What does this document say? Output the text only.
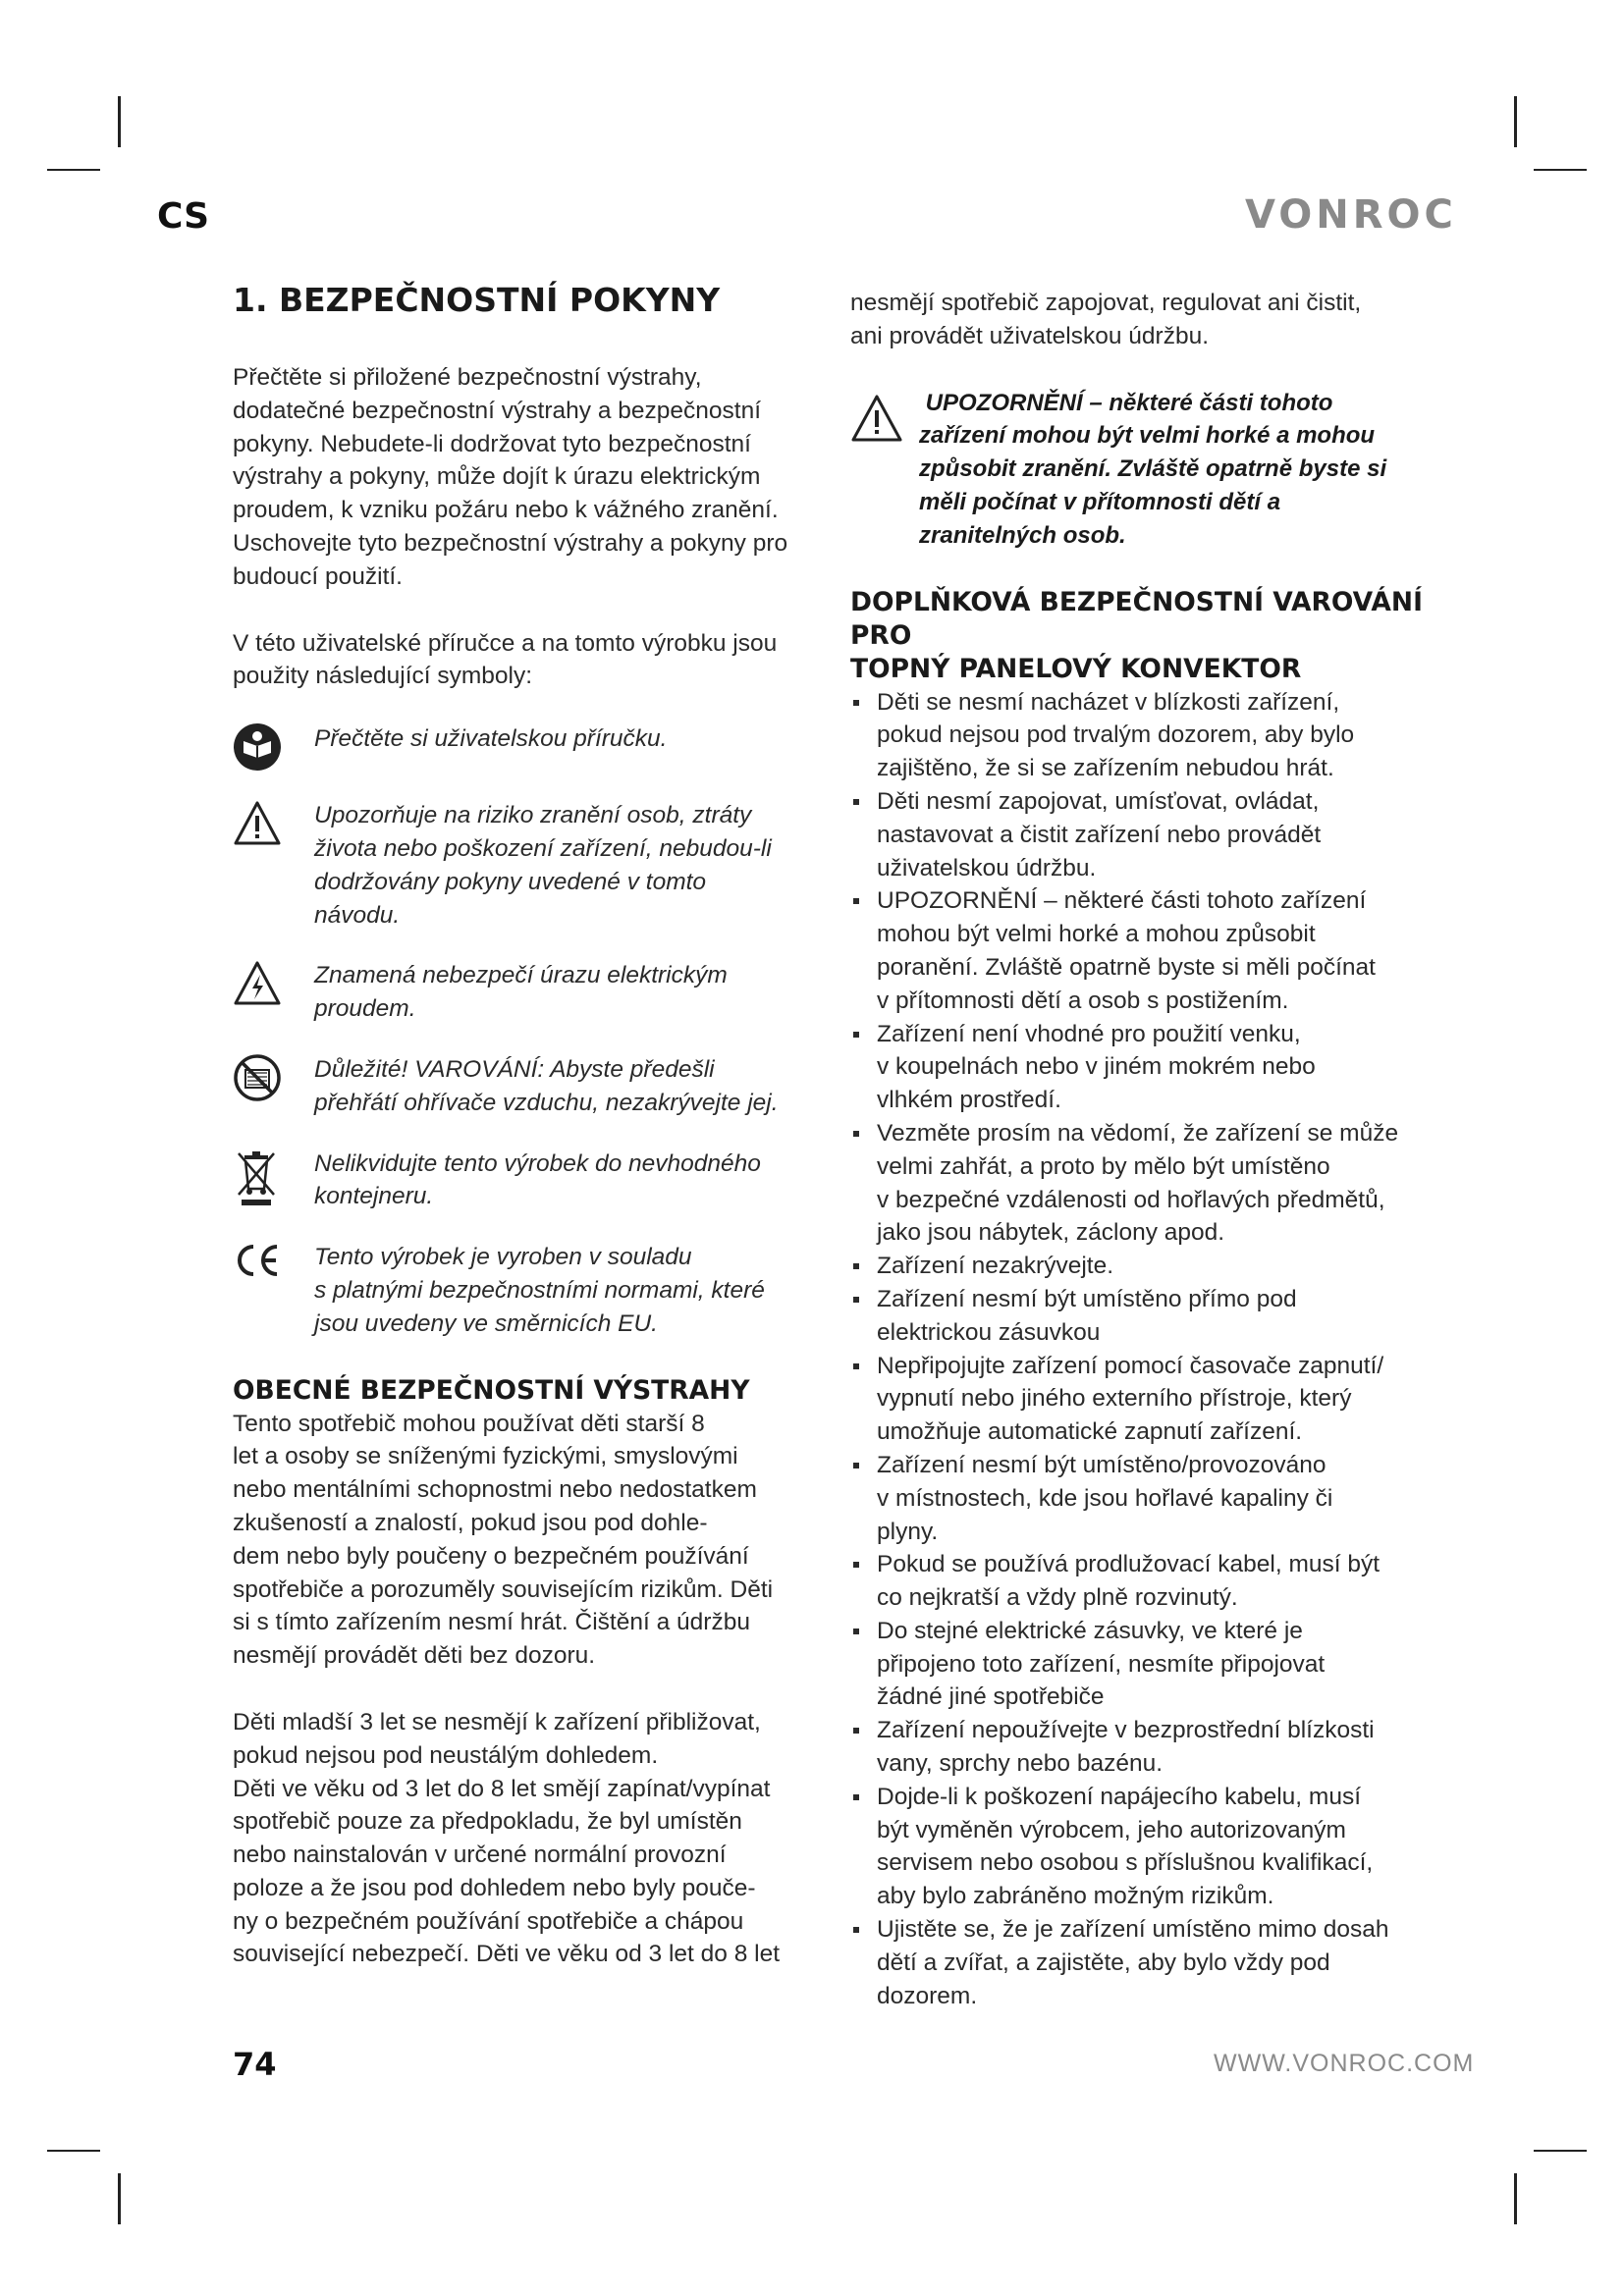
CS	VONROC

1. BEZPEČNOSTNÍ POKYNY

Přečtěte si přiložené bezpečnostní výstrahy,
dodatečné bezpečnostní výstrahy a bezpečnostní
pokyny. Nebudete-li dodržovat tyto bezpečnostní
výstrahy a pokyny, může dojít k úrazu elektrickým
proudem, k vzniku požáru nebo k vážného zranění.
Uschovejte tyto bezpečnostní výstrahy a pokyny pro
budoucí použití.

V této uživatelské příručce a na tomto výrobku jsou
použity následující symboly:

Přečtěte si uživatelskou příručku.
Upozorňuje na riziko zranění osob, ztráty
života nebo poškození zařízení, nebudou-li
dodržovány pokyny uvedené v tomto
návodu.
Znamená nebezpečí úrazu elektrickým
proudem.
Důležité! VAROVÁNÍ: Abyste předešli
přehřátí ohřívače vzduchu, nezakrývejte jej.
Nelikvidujte tento výrobek do nevhodného
kontejneru.
Tento výrobek je vyroben v souladu
s platnými bezpečnostními normami, které
jsou uvedeny ve směrnicích EU.
OBECNÉ BEZPEČNOSTNÍ VÝSTRAHY

Tento spotřebič mohou používat děti starší 8
let a osoby se sníženými fyzickými, smyslovými
nebo mentálními schopnostmi nebo nedostatkem
zkušeností a znalostí, pokud jsou pod dohle-
dem nebo byly poučeny o bezpečném používání
spotřebiče a porozuměly souvisejícím rizikům. Děti
si s tímto zařízením nesmí hrát. Čištění a údržbu
nesmějí provádět děti bez dozoru.

Děti mladší 3 let se nesmějí k zařízení přibližovat,
pokud nejsou pod neustálým dohledem.
Děti ve věku od 3 let do 8 let smějí zapínat/vypínat
spotřebič pouze za předpokladu, že byl umístěn
nebo nainstalován v určené normální provozní
poloze a že jsou pod dohledem nebo byly pouče-
ny o bezpečném používání spotřebiče a chápou
související nebezpečí. Děti ve věku od 3 let do 8 let

nesmějí spotřebič zapojovat, regulovat ani čistit,
ani provádět uživatelskou údržbu.

UPOZORNĚNÍ – některé části tohoto
zařízení mohou být velmi horké a mohou
způsobit zranění. Zvláště opatrně byste si
měli počínat v přítomnosti dětí a
zranitelných osob.
DOPLŇKOVÁ BEZPEČNOSTNÍ VAROVÁNÍ PRO
TOPNÝ PANELOVÝ KONVEKTOR
Děti se nesmí nacházet v blízkosti zařízení,
pokud nejsou pod trvalým dozorem, aby bylo
zajištěno, že si se zařízením nebudou hrát.
Děti nesmí zapojovat, umísťovat, ovládat,
nastavovat a čistit zařízení nebo provádět
uživatelskou údržbu.
UPOZORNĚNÍ – některé části tohoto zařízení
mohou být velmi horké a mohou způsobit
poranění. Zvláště opatrně byste si měli počínat
v přítomnosti dětí a osob s postižením.
Zařízení není vhodné pro použití venku,
v koupelnách nebo v jiném mokrém nebo
vlhkém prostředí.
Vezměte prosím na vědomí, že zařízení se může
velmi zahřát, a proto by mělo být umístěno
v bezpečné vzdálenosti od hořlavých předmětů,
jako jsou nábytek, záclony apod.
Zařízení nezakrývejte.
Zařízení nesmí být umístěno přímo pod
elektrickou zásuvkou
Nepřipojujte zařízení pomocí časovače zapnutí/
vypnutí nebo jiného externího přístroje, který
umožňuje automatické zapnutí zařízení.
Zařízení nesmí být umístěno/provozováno
v místnostech, kde jsou hořlavé kapaliny či
plyny.
Pokud se používá prodlužovací kabel, musí být
co nejkratší a vždy plně rozvinutý.
Do stejné elektrické zásuvky, ve které je
připojeno toto zařízení, nesmíte připojovat
žádné jiné spotřebiče
Zařízení nepoužívejte v bezprostřední blízkosti
vany, sprchy nebo bazénu.
Dojde-li k poškození napájecího kabelu, musí
být vyměněn výrobcem, jeho autorizovaným
servisem nebo osobou s příslušnou kvalifikací,
aby bylo zabráněno možným rizikům.
Ujistěte se, že je zařízení umístěno mimo dosah
dětí a zvířat, a zajistěte, aby bylo vždy pod
dozorem.

74	WWW.VONROC.COM
